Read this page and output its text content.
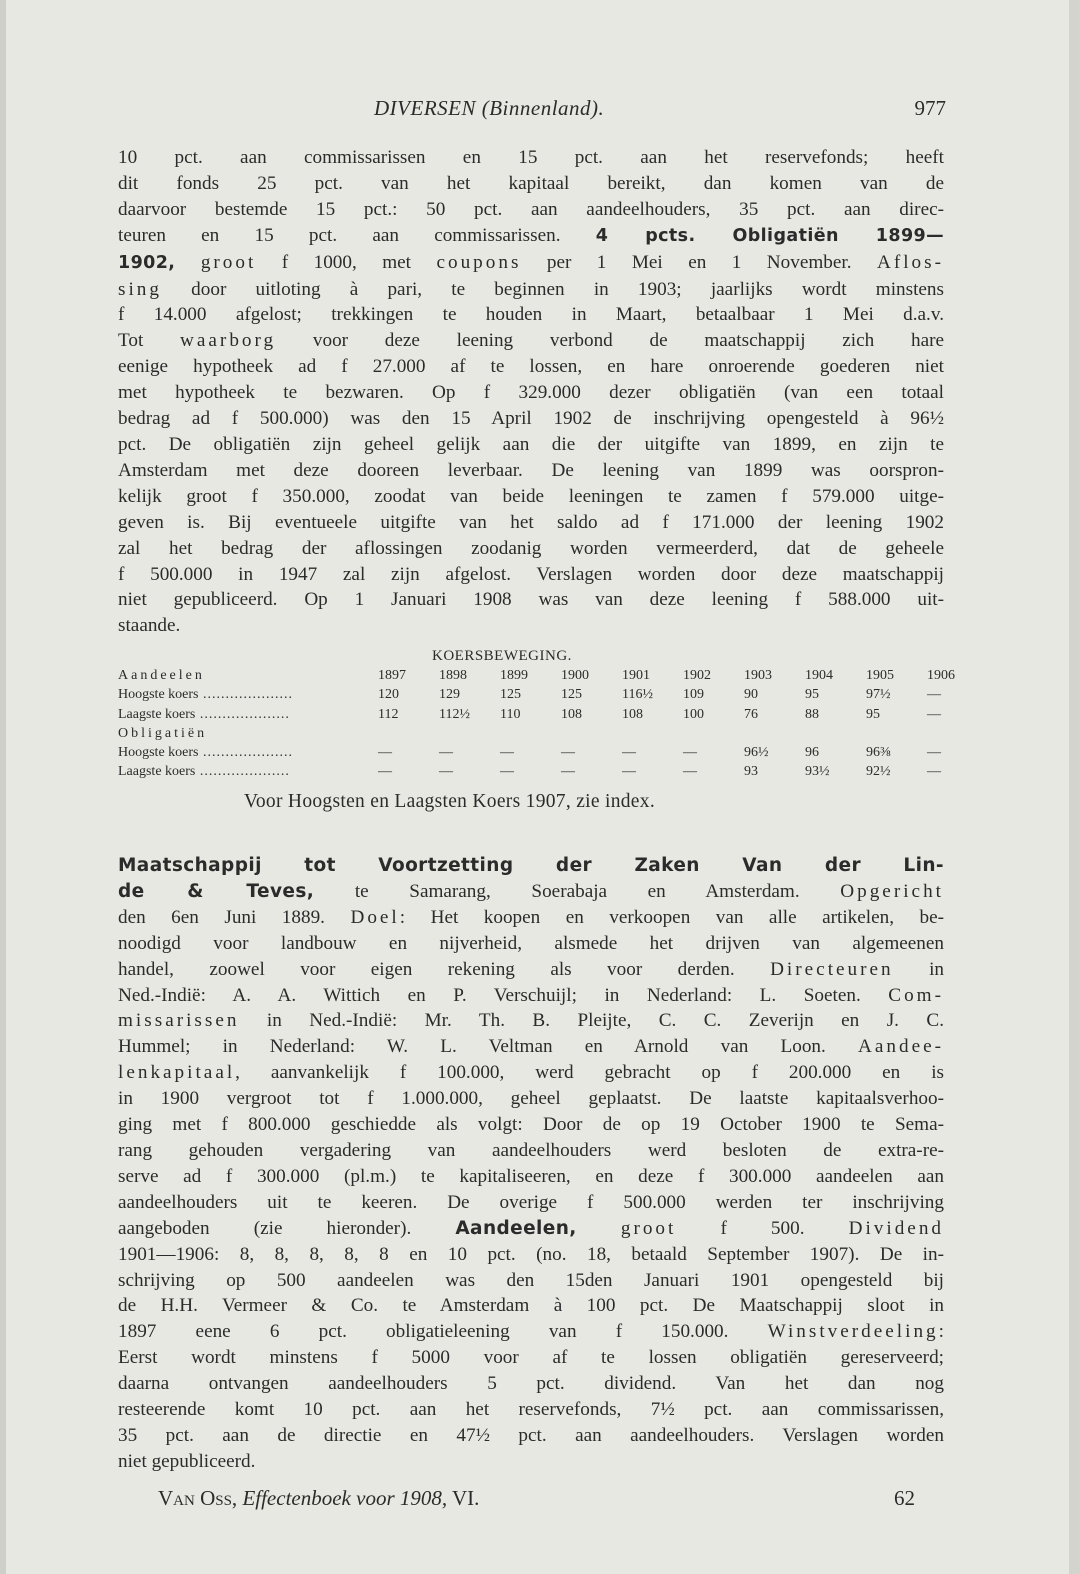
DIVERSEN (Binnenland).	977
10 pct. aan commissarissen en 15 pct. aan het reservefonds; heeft
dit fonds 25 pct. van het kapitaal bereikt, dan komen van de
daarvoor bestemde 15 pct.: 50 pct. aan aandeelhouders, 35 pct. aan direc-
teuren en 15 pct. aan commissarissen. 4 pcts. Obligatiën 1899—
1902, groot f 1000, met coupons per 1 Mei en 1 November. Aflos-
sing door uitloting à pari, te beginnen in 1903; jaarlijks wordt minstens
f 14.000 afgelost; trekkingen te houden in Maart, betaalbaar 1 Mei d.a.v.
Tot waarborg voor deze leening verbond de maatschappij zich hare
eenige hypotheek ad f 27.000 af te lossen, en hare onroerende goederen niet
met hypotheek te bezwaren. Op f 329.000 dezer obligatiën (van een totaal
bedrag ad f 500.000) was den 15 April 1902 de inschrijving opengesteld à 96½
pct. De obligatiën zijn geheel gelijk aan die der uitgifte van 1899, en zijn te
Amsterdam met deze dooreen leverbaar. De leening van 1899 was oorspron-
kelijk groot f 350.000, zoodat van beide leeningen te zamen f 579.000 uitge-
geven is. Bij eventueele uitgifte van het saldo ad f 171.000 der leening 1902
zal het bedrag der aflossingen zoodanig worden vermeerderd, dat de geheele
f 500.000 in 1947 zal zijn afgelost. Verslagen worden door deze maatschappij
niet gepubliceerd. Op 1 Januari 1908 was van deze leening f 588.000 uit-
staande.
KOERSBEWEGING.
Aandeelen	1897	1898	1899	1900	1901	1902	1903	1904	1905	1906
Hoogste koers ....................	120	129	125	125	116½	109	90	95	97½	—
Laagste koers ....................	112	112½	110	108	108	100	76	88	95	—
Obligatiën										
Hoogste koers ....................	—	—	—	—	—	—	96½	96	96⅜	—
Laagste koers ....................	—	—	—	—	—	—	93	93½	92½	—
Voor Hoogsten en Laagsten Koers 1907, zie index.
Maatschappij tot Voortzetting der Zaken Van der Lin-
de & Teves, te Samarang, Soerabaja en Amsterdam. Opgericht
den 6en Juni 1889. Doel: Het koopen en verkoopen van alle artikelen, be-
noodigd voor landbouw en nijverheid, alsmede het drijven van algemeenen
handel, zoowel voor eigen rekening als voor derden. Directeuren in
Ned.-Indië: A. A. Wittich en P. Verschuijl; in Nederland: L. Soeten. Com-
missarissen in Ned.-Indië: Mr. Th. B. Pleijte, C. C. Zeverijn en J. C.
Hummel; in Nederland: W. L. Veltman en Arnold van Loon. Aandee-
lenkapitaal, aanvankelijk f 100.000, werd gebracht op f 200.000 en is
in 1900 vergroot tot f 1.000.000, geheel geplaatst. De laatste kapitaalsverhoo-
ging met f 800.000 geschiedde als volgt: Door de op 19 October 1900 te Sema-
rang gehouden vergadering van aandeelhouders werd besloten de extra-re-
serve ad f 300.000 (pl.m.) te kapitaliseeren, en deze f 300.000 aandeelen aan
aandeelhouders uit te keeren. De overige f 500.000 werden ter inschrijving
aangeboden (zie hieronder). Aandeelen, groot f 500. Dividend
1901—1906: 8, 8, 8, 8, 8 en 10 pct. (no. 18, betaald September 1907). De in-
schrijving op 500 aandeelen was den 15den Januari 1901 opengesteld bij
de H.H. Vermeer & Co. te Amsterdam à 100 pct. De Maatschappij sloot in
1897 eene 6 pct. obligatieleening van f 150.000. Winstverdeeling:
Eerst wordt minstens f 5000 voor af te lossen obligatiën gereserveerd;
daarna ontvangen aandeelhouders 5 pct. dividend. Van het dan nog
resteerende komt 10 pct. aan het reservefonds, 7½ pct. aan commissarissen,
35 pct. aan de directie en 47½ pct. aan aandeelhouders. Verslagen worden
niet gepubliceerd.
Van Oss, Effectenboek voor 1908, VI.	62
